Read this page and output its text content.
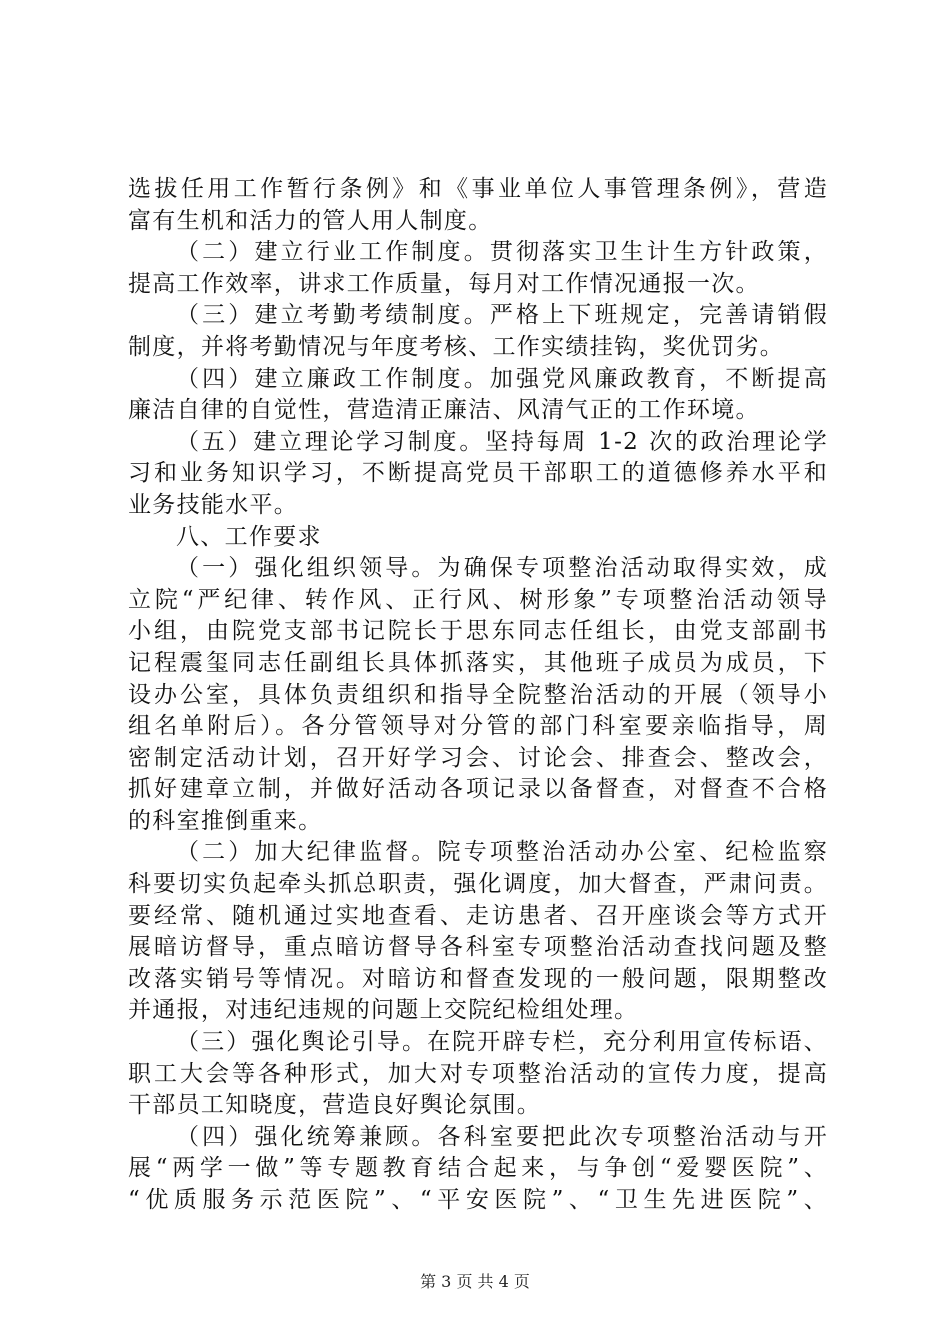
选拔任用工作暂行条例》和《事业单位人事管理条例》，营造
富有生机和活力的管人用人制度。
（二）建立行业工作制度。贯彻落实卫生计生方针政策，
提高工作效率，讲求工作质量，每月对工作情况通报一次。
（三）建立考勤考绩制度。严格上下班规定，完善请销假
制度，并将考勤情况与年度考核、工作实绩挂钩，奖优罚劣。
（四）建立廉政工作制度。加强党风廉政教育，不断提高
廉洁自律的自觉性，营造清正廉洁、风清气正的工作环境。
（五）建立理论学习制度。坚持每周 1-2 次的政治理论学
习和业务知识学习，不断提高党员干部职工的道德修养水平和
业务技能水平。
八、工作要求
（一）强化组织领导。为确保专项整治活动取得实效，成
立院“严纪律、转作风、正行风、树形象”专项整治活动领导
小组，由院党支部书记院长于思东同志任组长，由党支部副书
记程震玺同志任副组长具体抓落实，其他班子成员为成员，下
设办公室，具体负责组织和指导全院整治活动的开展（领导小
组名单附后）。各分管领导对分管的部门科室要亲临指导，周
密制定活动计划，召开好学习会、讨论会、排查会、整改会，
抓好建章立制，并做好活动各项记录以备督查，对督查不合格
的科室推倒重来。
（二）加大纪律监督。院专项整治活动办公室、纪检监察
科要切实负起牵头抓总职责，强化调度，加大督查，严肃问责。
要经常、随机通过实地查看、走访患者、召开座谈会等方式开
展暗访督导，重点暗访督导各科室专项整治活动查找问题及整
改落实销号等情况。对暗访和督查发现的一般问题，限期整改
并通报，对违纪违规的问题上交院纪检组处理。
（三）强化舆论引导。在院开辟专栏，充分利用宣传标语、
职工大会等各种形式，加大对专项整治活动的宣传力度，提高
干部员工知晓度，营造良好舆论氛围。
（四）强化统筹兼顾。各科室要把此次专项整治活动与开
展“两学一做”等专题教育结合起来，与争创“爱婴医院”、
“优质服务示范医院”、“平安医院”、“卫生先进医院”、
第 3 页 共 4 页
